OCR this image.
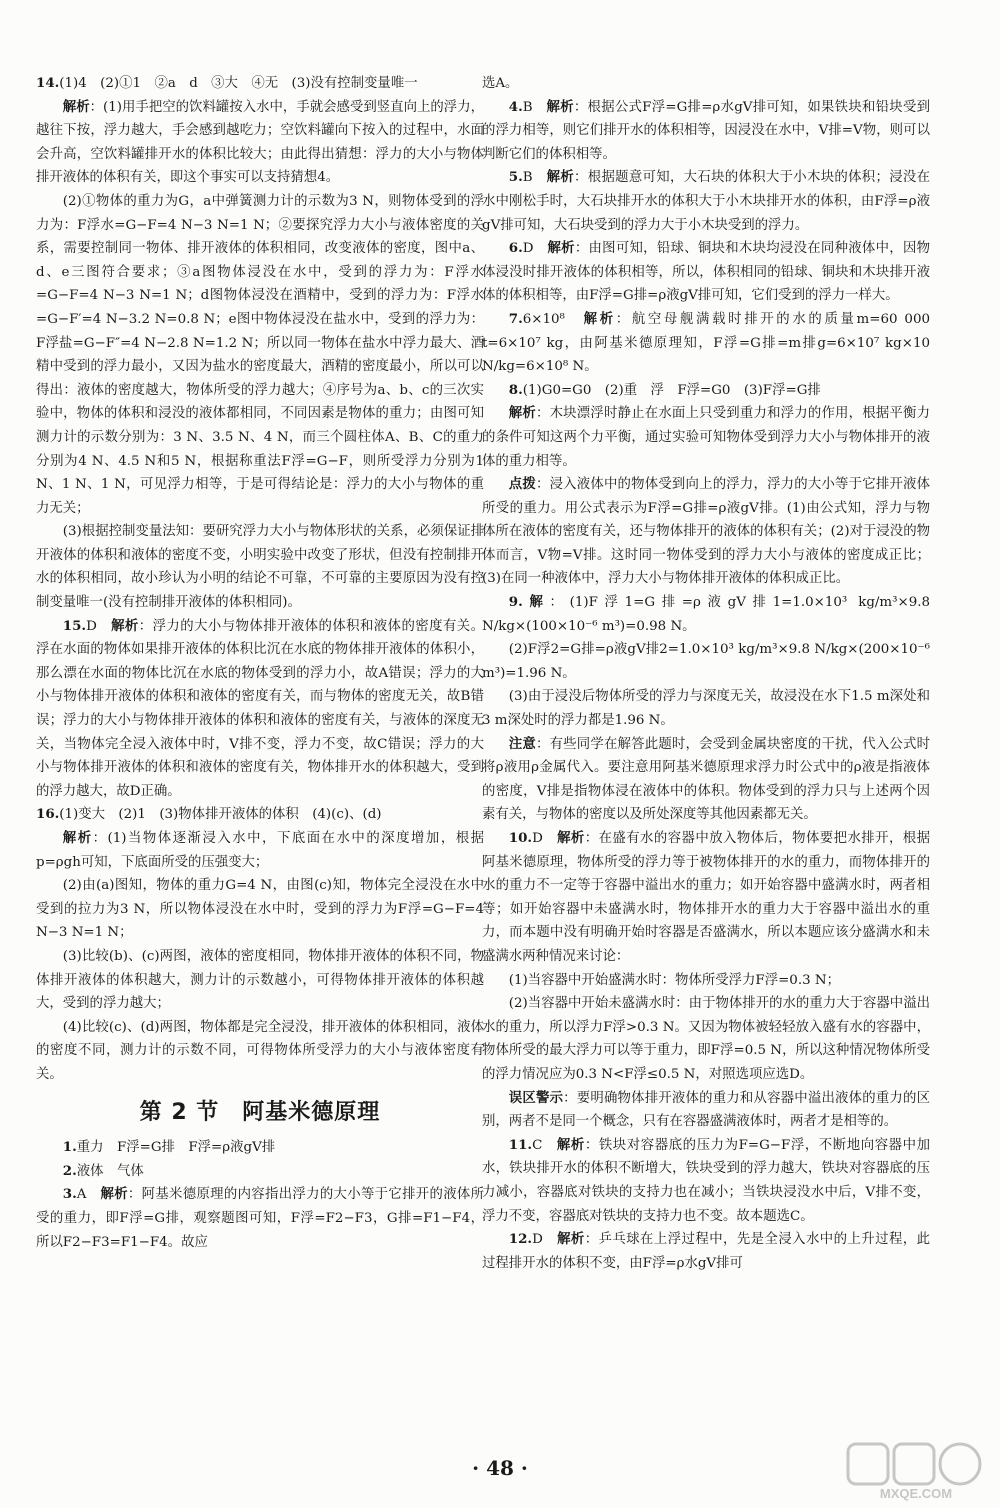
14.(1)4　(2)①1　②a　d　③大　④无　(3)没有控制变量唯一

解析：(1)用手把空的饮料罐按入水中，手就会感受到竖直向上的浮力，越往下按，浮力越大，手会感到越吃力；空饮料罐向下按入的过程中，水面会升高，空饮料罐排开水的体积比较大；由此得出猜想：浮力的大小与物体排开液体的体积有关，即这个事实可以支持猜想4。

(2)①物体的重力为G，a中弹簧测力计的示数为3 N，则物体受到的浮力为：F浮水=G−F=4 N−3 N=1 N；②要探究浮力大小与液体密度的关系，需要控制同一物体、排开液体的体积相同，改变液体的密度，图中a、d、e三图符合要求；③a图物体浸没在水中，受到的浮力为：F浮水=G−F=4 N−3 N=1 N；d图物体浸没在酒精中，受到的浮力为：F浮水=G−F′=4 N−3.2 N=0.8 N；e图中物体浸没在盐水中，受到的浮力为：F浮盐=G−F″=4 N−2.8 N=1.2 N；所以同一物体在盐水中浮力最大、酒精中受到的浮力最小，又因为盐水的密度最大，酒精的密度最小，所以可以得出：液体的密度越大，物体所受的浮力越大；④序号为a、b、c的三次实验中，物体的体积和浸没的液体都相同，不同因素是物体的重力；由图可知测力计的示数分别为：3 N、3.5 N、4 N，而三个圆柱体A、B、C的重力分别为4 N、4.5 N和5 N，根据称重法F浮=G−F，则所受浮力分别为1 N、1 N、1 N，可见浮力相等，于是可得结论是：浮力的大小与物体的重力无关；

(3)根据控制变量法知：要研究浮力大小与物体形状的关系，必须保证排开液体的体积和液体的密度不变，小明实验中改变了形状，但没有控制排开水的体积相同，故小珍认为小明的结论不可靠，不可靠的主要原因为没有控制变量唯一(没有控制排开液体的体积相同)。

15.D　解析：浮力的大小与物体排开液体的体积和液体的密度有关。浮在水面的物体如果排开液体的体积比沉在水底的物体排开液体的体积小，那么漂在水面的物体比沉在水底的物体受到的浮力小，故A错误；浮力的大小与物体排开液体的体积和液体的密度有关，而与物体的密度无关，故B错误；浮力的大小与物体排开液体的体积和液体的密度有关，与液体的深度无关，当物体完全浸入液体中时，V排不变，浮力不变，故C错误；浮力的大小与物体排开液体的体积和液体的密度有关，物体排开水的体积越大，受到的浮力越大，故D正确。

16.(1)变大　(2)1　(3)物体排开液体的体积　(4)(c)、(d)

解析：(1)当物体逐渐浸入水中，下底面在水中的深度增加，根据p=ρgh可知，下底面所受的压强变大；

(2)由(a)图知，物体的重力G=4 N，由图(c)知，物体完全浸没在水中受到的拉力为3 N，所以物体浸没在水中时，受到的浮力为F浮=G−F=4 N−3 N=1 N；

(3)比较(b)、(c)两图，液体的密度相同，物体排开液体的体积不同，物体排开液体的体积越大，测力计的示数越小，可得物体排开液体的体积越大，受到的浮力越大；

(4)比较(c)、(d)两图，物体都是完全浸没，排开液体的体积相同，液体的密度不同，测力计的示数不同，可得物体所受浮力的大小与液体密度有关。

第 2 节　阿基米德原理

1.重力　F浮=G排　F浮=ρ液gV排

2.液体　气体

3.A　解析：阿基米德原理的内容指出浮力的大小等于它排开的液体所受的重力，即F浮=G排，观察题图可知，F浮=F2−F3，G排=F1−F4，所以F2−F3=F1−F4。故应

选A。

4.B　解析：根据公式F浮=G排=ρ水gV排可知，如果铁块和铅块受到的浮力相等，则它们排开水的体积相等，因浸没在水中，V排=V物，则可以判断它们的体积相等。

5.B　解析：根据题意可知，大石块的体积大于小木块的体积；浸没在水中刚松手时，大石块排开水的体积大于小木块排开水的体积，由F浮=ρ液gV排可知，大石块受到的浮力大于小木块受到的浮力。

6.D　解析：由图可知，铅球、铜块和木块均浸没在同种液体中，因物体浸没时排开液体的体积相等，所以，体积相同的铅球、铜块和木块排开液体的体积相等，由F浮=G排=ρ液gV排可知，它们受到的浮力一样大。

7.6×10⁸　解析：航空母舰满载时排开的水的质量m=60 000 t=6×10⁷ kg，由阿基米德原理知，F浮=G排=m排g=6×10⁷ kg×10 N/kg=6×10⁸ N。

8.(1)G0=G0　(2)重　浮　F浮=G0　(3)F浮=G排

解析：木块漂浮时静止在水面上只受到重力和浮力的作用，根据平衡力的条件可知这两个力平衡，通过实验可知物体受到浮力大小与物体排开的液体的重力相等。

点拨：浸入液体中的物体受到向上的浮力，浮力的大小等于它排开液体所受的重力。用公式表示为F浮=G排=ρ液gV排。(1)由公式知，浮力与物体所在液体的密度有关，还与物体排开的液体的体积有关；(2)对于浸没的物体而言，V物=V排。这时同一物体受到的浮力大小与液体的密度成正比；(3)在同一种液体中，浮力大小与物体排开液体的体积成正比。

9.解：(1)F浮1=G排=ρ液gV排1=1.0×10³ kg/m³×9.8 N/kg×(100×10⁻⁶ m³)=0.98 N。

(2)F浮2=G排=ρ液gV排2=1.0×10³ kg/m³×9.8 N/kg×(200×10⁻⁶ m³)=1.96 N。

(3)由于浸没后物体所受的浮力与深度无关，故浸没在水下1.5 m深处和3 m深处时的浮力都是1.96 N。

注意：有些同学在解答此题时，会受到金属块密度的干扰，代入公式时将ρ液用ρ金属代入。要注意用阿基米德原理求浮力时公式中的ρ液是指液体的密度，V排是指物体浸在液体中的体积。物体受到的浮力只与上述两个因素有关，与物体的密度以及所处深度等其他因素都无关。

10.D　解析：在盛有水的容器中放入物体后，物体要把水排开，根据阿基米德原理，物体所受的浮力等于被物体排开的水的重力，而物体排开的水的重力不一定等于容器中溢出水的重力；如开始容器中盛满水时，两者相等；如开始容器中未盛满水时，物体排开水的重力大于容器中溢出水的重力，而本题中没有明确开始时容器是否盛满水，所以本题应该分盛满水和未盛满水两种情况来讨论：

(1)当容器中开始盛满水时：物体所受浮力F浮=0.3 N；

(2)当容器中开始未盛满水时：由于物体排开的水的重力大于容器中溢出水的重力，所以浮力F浮>0.3 N。又因为物体被轻轻放入盛有水的容器中，物体所受的最大浮力可以等于重力，即F浮=0.5 N，所以这种情况物体所受的浮力情况应为0.3 N<F浮≤0.5 N，对照选项应选D。

误区警示：要明确物体排开液体的重力和从容器中溢出液体的重力的区别，两者不是同一个概念，只有在容器盛满液体时，两者才是相等的。

11.C　解析：铁块对容器底的压力为F=G−F浮，不断地向容器中加水，铁块排开水的体积不断增大，铁块受到的浮力越大，铁块对容器底的压力减小，容器底对铁块的支持力也在减小；当铁块浸没水中后，V排不变，浮力不变，容器底对铁块的支持力也不变。故本题选C。

12.D　解析：乒乓球在上浮过程中，先是全浸入水中的上升过程，此过程排开水的体积不变，由F浮=ρ水gV排可

· 48 ·
MXQE.COM
